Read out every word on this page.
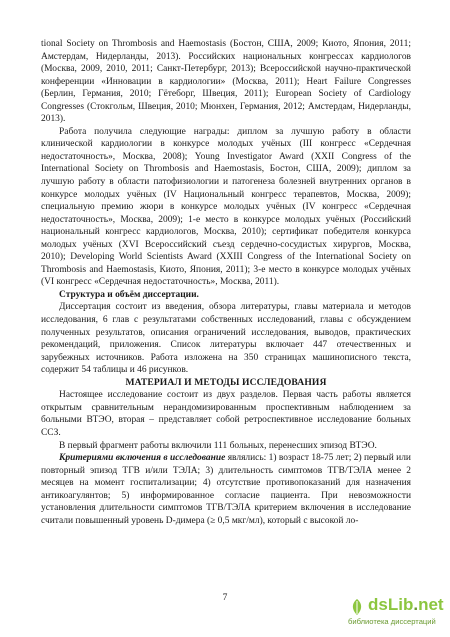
tional Society on Thrombosis and Haemostasis (Бостон, США, 2009; Киото, Япония, 2011; Амстердам, Нидерланды, 2013). Российских национальных конгрессах кардиологов (Москва, 2009, 2010, 2011; Санкт-Петербург, 2013); Всероссийской научно-практической конференции «Инновации в кардиологии» (Москва, 2011); Heart Failure Congresses (Берлин, Германия, 2010; Гётеборг, Швеция, 2011); European Society of Cardiology Congresses (Стокгольм, Швеция, 2010; Мюнхен, Германия, 2012; Амстердам, Нидерланды, 2013).

Работа получила следующие награды: диплом за лучшую работу в области клинической кардиологии в конкурсе молодых учёных (III конгресс «Сердечная недостаточность», Москва, 2008); Young Investigator Award (XXII Congress of the International Society on Thrombosis and Haemostasis, Бостон, США, 2009); диплом за лучшую работу в области патофизиологии и патогенеза болезней внутренних органов в конкурсе молодых учёных (IV Национальный конгресс терапевтов, Москва, 2009); специальную премию жюри в конкурсе молодых учёных (IV конгресс «Сердечная недостаточность», Москва, 2009); 1-е место в конкурсе молодых учёных (Российский национальный конгресс кардиологов, Москва, 2010); сертификат победителя конкурса молодых учёных (XVI Всероссийский съезд сердечно-сосудистых хирургов, Москва, 2010); Developing World Scientists Award (XXIII Congress of the International Society on Thrombosis and Haemostasis, Киото, Япония, 2011); 3-е место в конкурсе молодых учёных (VI конгресс «Сердечная недостаточность», Москва, 2011).

Структура и объём диссертации.

Диссертация состоит из введения, обзора литературы, главы материала и методов исследования, 6 глав с результатами собственных исследований, главы с обсуждением полученных результатов, описания ограничений исследования, выводов, практических рекомендаций, приложения. Список литературы включает 447 отечественных и зарубежных источников. Работа изложена на 350 страницах машинописного текста, содержит 54 таблицы и 46 рисунков.

МАТЕРИАЛ И МЕТОДЫ ИССЛЕДОВАНИЯ

Настоящее исследование состоит из двух разделов. Первая часть работы является открытым сравнительным нерандомизированным проспективным наблюдением за больными ВТЭО, вторая – представляет собой ретроспективное исследование больных ССЗ.

В первый фрагмент работы включили 111 больных, перенесших эпизод ВТЭО.

Критериями включения в исследование являлись: 1) возраст 18-75 лет; 2) первый или повторный эпизод ТГВ и/или ТЭЛА; 3) длительность симптомов ТГВ/ТЭЛА менее 2 месяцев на момент госпитализации; 4) отсутствие противопоказаний для назначения антикоагулянтов; 5) информированное согласие пациента. При невозможности установления длительности симптомов ТГВ/ТЭЛА критерием включения в исследование считали повышенный уровень D-димера (≥ 0,5 мкг/мл), который с высокой ло-

7	dsLib.net
библиотека диссертаций
